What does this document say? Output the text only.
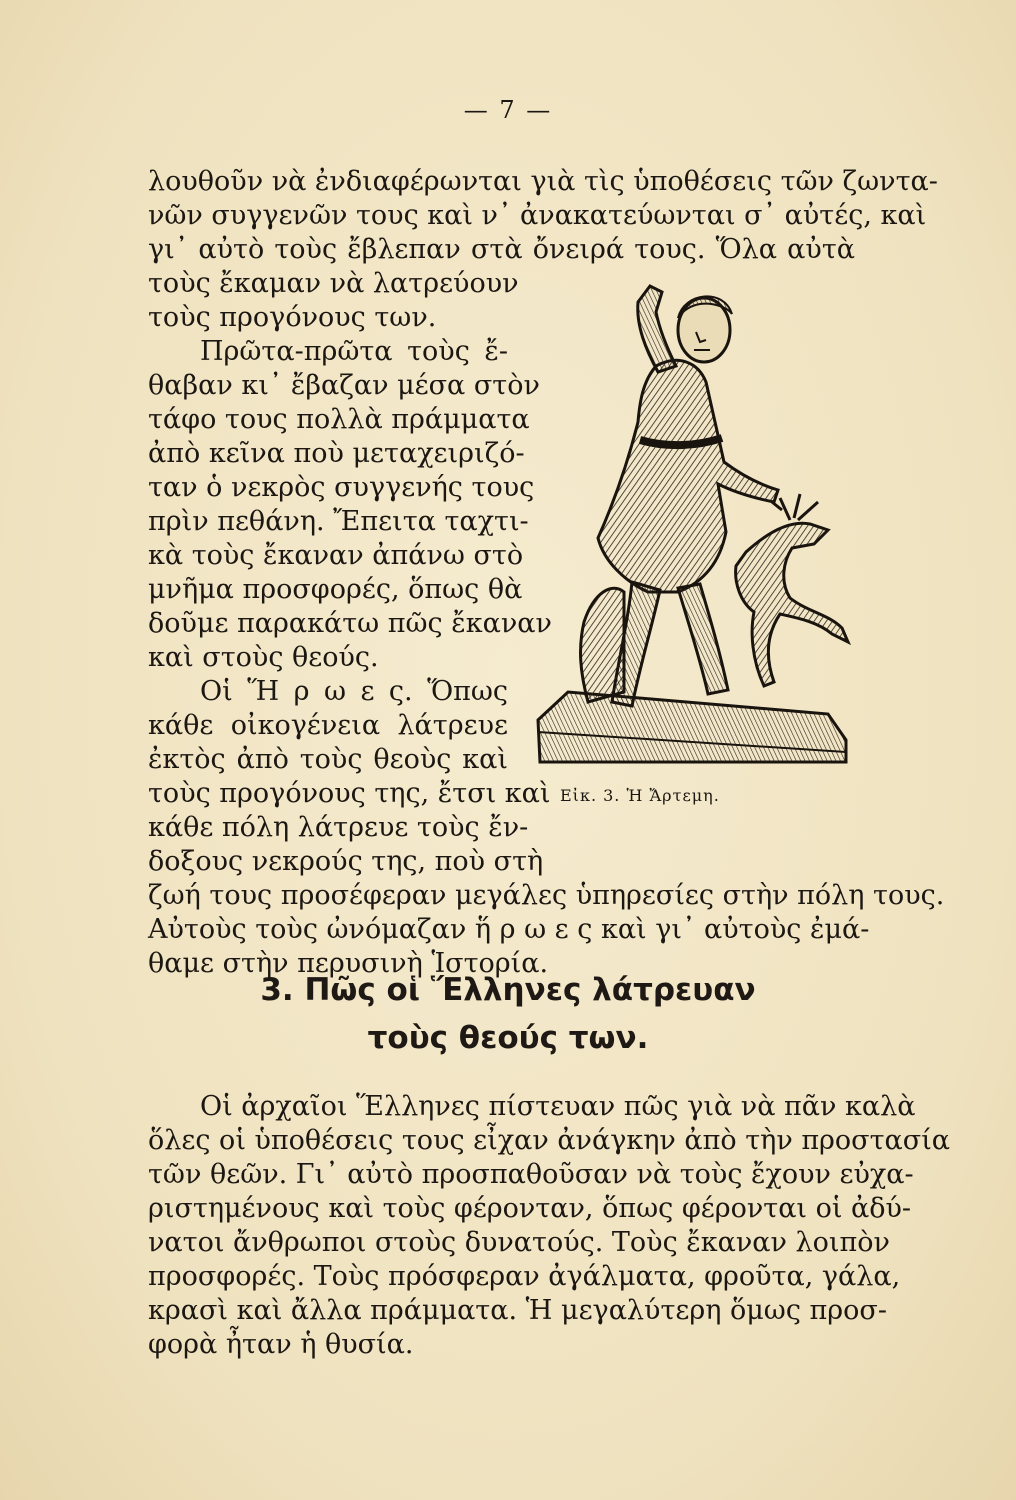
— 7 —
λουθοῦν νὰ ἐνδιαφέρωνται γιὰ τὶς ὑποθέσεις τῶν ζωντα-
νῶν συγγενῶν τους καὶ ν᾽ ἀνακατεύωνται σ᾽ αὐτές, καὶ
γι᾽ αὐτὸ τοὺς ἔβλεπαν στὰ ὄνειρά τους. Ὅλα αὐτὰ
τοὺς ἔκαμαν νὰ λατρεύουν
τοὺς προγόνους των.
Πρῶτα-πρῶτα τοὺς ἔ-
θαβαν κι᾽ ἔβαζαν μέσα στὸν
τάφο τους πολλὰ πράμματα
ἀπὸ κεῖνα ποὺ μεταχειριζό-
ταν ὁ νεκρὸς συγγενής τους
πρὶν πεθάνη. Ἔπειτα ταχτι-
κὰ τοὺς ἔκαναν ἀπάνω στὸ
μνῆμα προσφορές, ὅπως θὰ
δοῦμε παρακάτω πῶς ἔκαναν
καὶ στοὺς θεούς.
Οἱ Ἥ ρ ω ε ς. Ὅπως
κάθε οἰκογένεια λάτρευε
ἐκτὸς ἀπὸ τοὺς θεοὺς καὶ
τοὺς προγόνους της, ἔτσι καὶ
κάθε πόλη λάτρευε τοὺς ἔν-
δοξους νεκρούς της, ποὺ στὴ
ζωή τους προσέφεραν μεγάλες ὑπηρεσίες στὴν πόλη τους.
Αὐτοὺς τοὺς ὠνόμαζαν ἥ ρ ω ε ς καὶ γι᾽ αὐτοὺς ἐμά-
θαμε στὴν περυσινὴ Ἱστορία.
Εἰκ. 3. Ἡ Ἄρτεμη.
3. Πῶς οἱ Ἕλληνες λάτρευαν
τοὺς θεούς των.
Οἱ ἀρχαῖοι Ἕλληνες πίστευαν πῶς γιὰ νὰ πᾶν καλὰ
ὅλες οἱ ὑποθέσεις τους εἶχαν ἀνάγκην ἀπὸ τὴν προστασία
τῶν θεῶν. Γι᾽ αὐτὸ προσπαθοῦσαν νὰ τοὺς ἔχουν εὐχα-
ριστημένους καὶ τοὺς φέρονταν, ὅπως φέρονται οἱ ἀδύ-
νατοι ἄνθρωποι στοὺς δυνατούς. Τοὺς ἔκαναν λοιπὸν
προσφορές. Τοὺς πρόσφεραν ἀγάλματα, φροῦτα, γάλα,
κρασὶ καὶ ἄλλα πράμματα. Ἡ μεγαλύτερη ὅμως προσ-
φορὰ ἦταν ἡ θυσία.
